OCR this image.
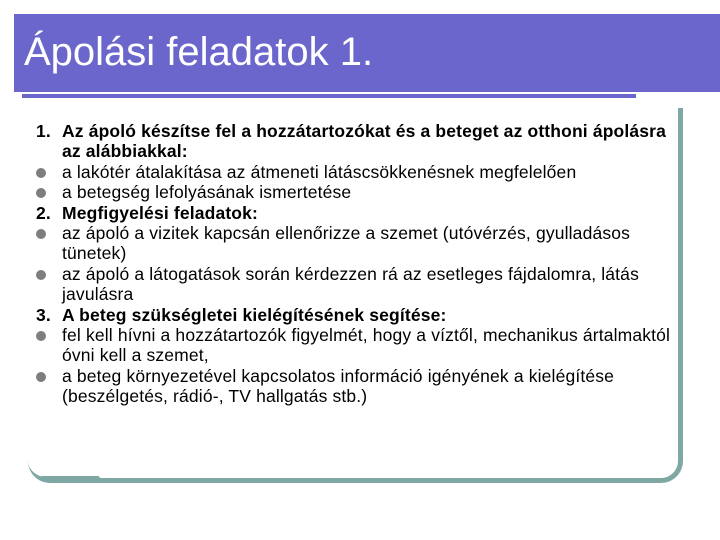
Ápolási feladatok 1.
1. Az ápoló készítse fel a hozzátartozókat és a beteget az otthoni ápolásra az alábbiakkal:
a lakótér átalakítása az átmeneti látáscsökkenésnek megfelelően
a betegség lefolyásának ismertetése
2. Megfigyelési feladatok:
az ápoló a vizitek kapcsán ellenőrizze a szemet (utóvérzés, gyulladásos tünetek)
az ápoló a látogatások során kérdezzen rá az esetleges fájdalomra, látás javulásra
3. A beteg szükségletei kielégítésének segítése:
fel kell hívni a hozzátartozók figyelmét, hogy a víztől, mechanikus ártalmaktól óvni kell a szemet,
a beteg környezetével kapcsolatos információ igényének a kielégítése (beszélgetés, rádió-, TV hallgatás stb.)
